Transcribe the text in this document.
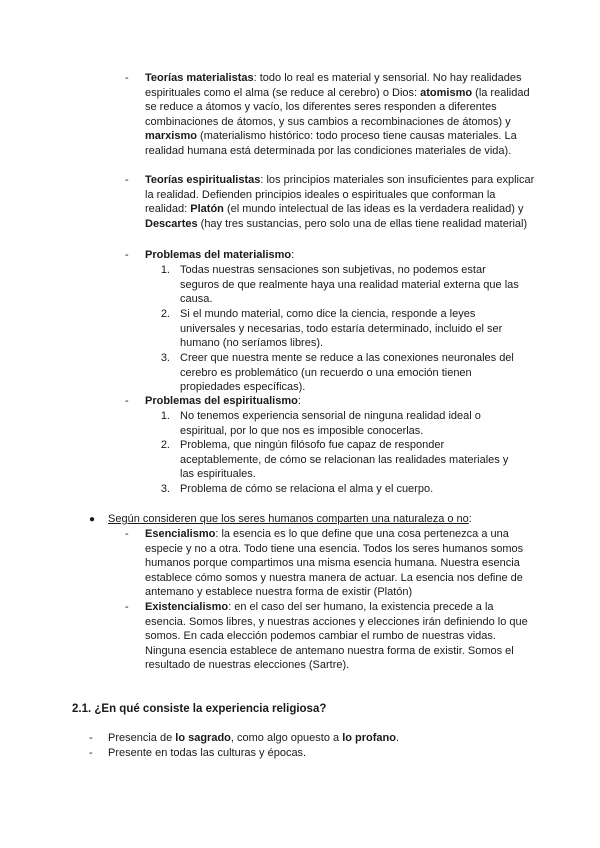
-	Teorías materialistas: todo lo real es material y sensorial. No hay realidades espirituales como el alma (se reduce al cerebro) o Dios: atomismo (la realidad se reduce a átomos y vacío, los diferentes seres responden a diferentes combinaciones de átomos, y sus cambios a recombinaciones de átomos) y marxismo (materialismo histórico: todo proceso tiene causas materiales. La realidad humana está determinada por las condiciones materiales de vida).
-	Teorías espiritualistas: los principios materiales son insuficientes para explicar la realidad. Defienden principios ideales o espirituales que conforman la realidad: Platón (el mundo intelectual de las ideas es la verdadera realidad) y Descartes (hay tres sustancias, pero solo una de ellas tiene realidad material)
-	Problemas del materialismo:
1. Todas nuestras sensaciones son subjetivas, no podemos estar seguros de que realmente haya una realidad material externa que las causa.
2. Si el mundo material, como dice la ciencia, responde a leyes universales y necesarias, todo estaría determinado, incluido el ser humano (no seríamos libres).
3. Creer que nuestra mente se reduce a las conexiones neuronales del cerebro es problemático (un recuerdo o una emoción tienen propiedades específicas).
-	Problemas del espiritualismo:
1. No tenemos experiencia sensorial de ninguna realidad ideal o espiritual, por lo que nos es imposible conocerlas.
2. Problema, que ningún filósofo fue capaz de responder aceptablemente, de cómo se relacionan las realidades materiales y las espirituales.
3. Problema de cómo se relaciona el alma y el cuerpo.
● Según consideren que los seres humanos comparten una naturaleza o no:
-	Esencialismo: la esencia es lo que define que una cosa pertenezca a una especie y no a otra. Todo tiene una esencia. Todos los seres humanos somos humanos porque compartimos una misma esencia humana. Nuestra esencia establece cómo somos y nuestra manera de actuar. La esencia nos define de antemano y establece nuestra forma de existir (Platón)
-	Existencialismo: en el caso del ser humano, la existencia precede a la esencia. Somos libres, y nuestras acciones y elecciones irán definiendo lo que somos. En cada elección podemos cambiar el rumbo de nuestras vidas. Ninguna esencia establece de antemano nuestra forma de existir. Somos el resultado de nuestras elecciones (Sartre).
2.1. ¿En qué consiste la experiencia religiosa?
-	Presencia de lo sagrado, como algo opuesto a lo profano.
-	Presente en todas las culturas y épocas.
